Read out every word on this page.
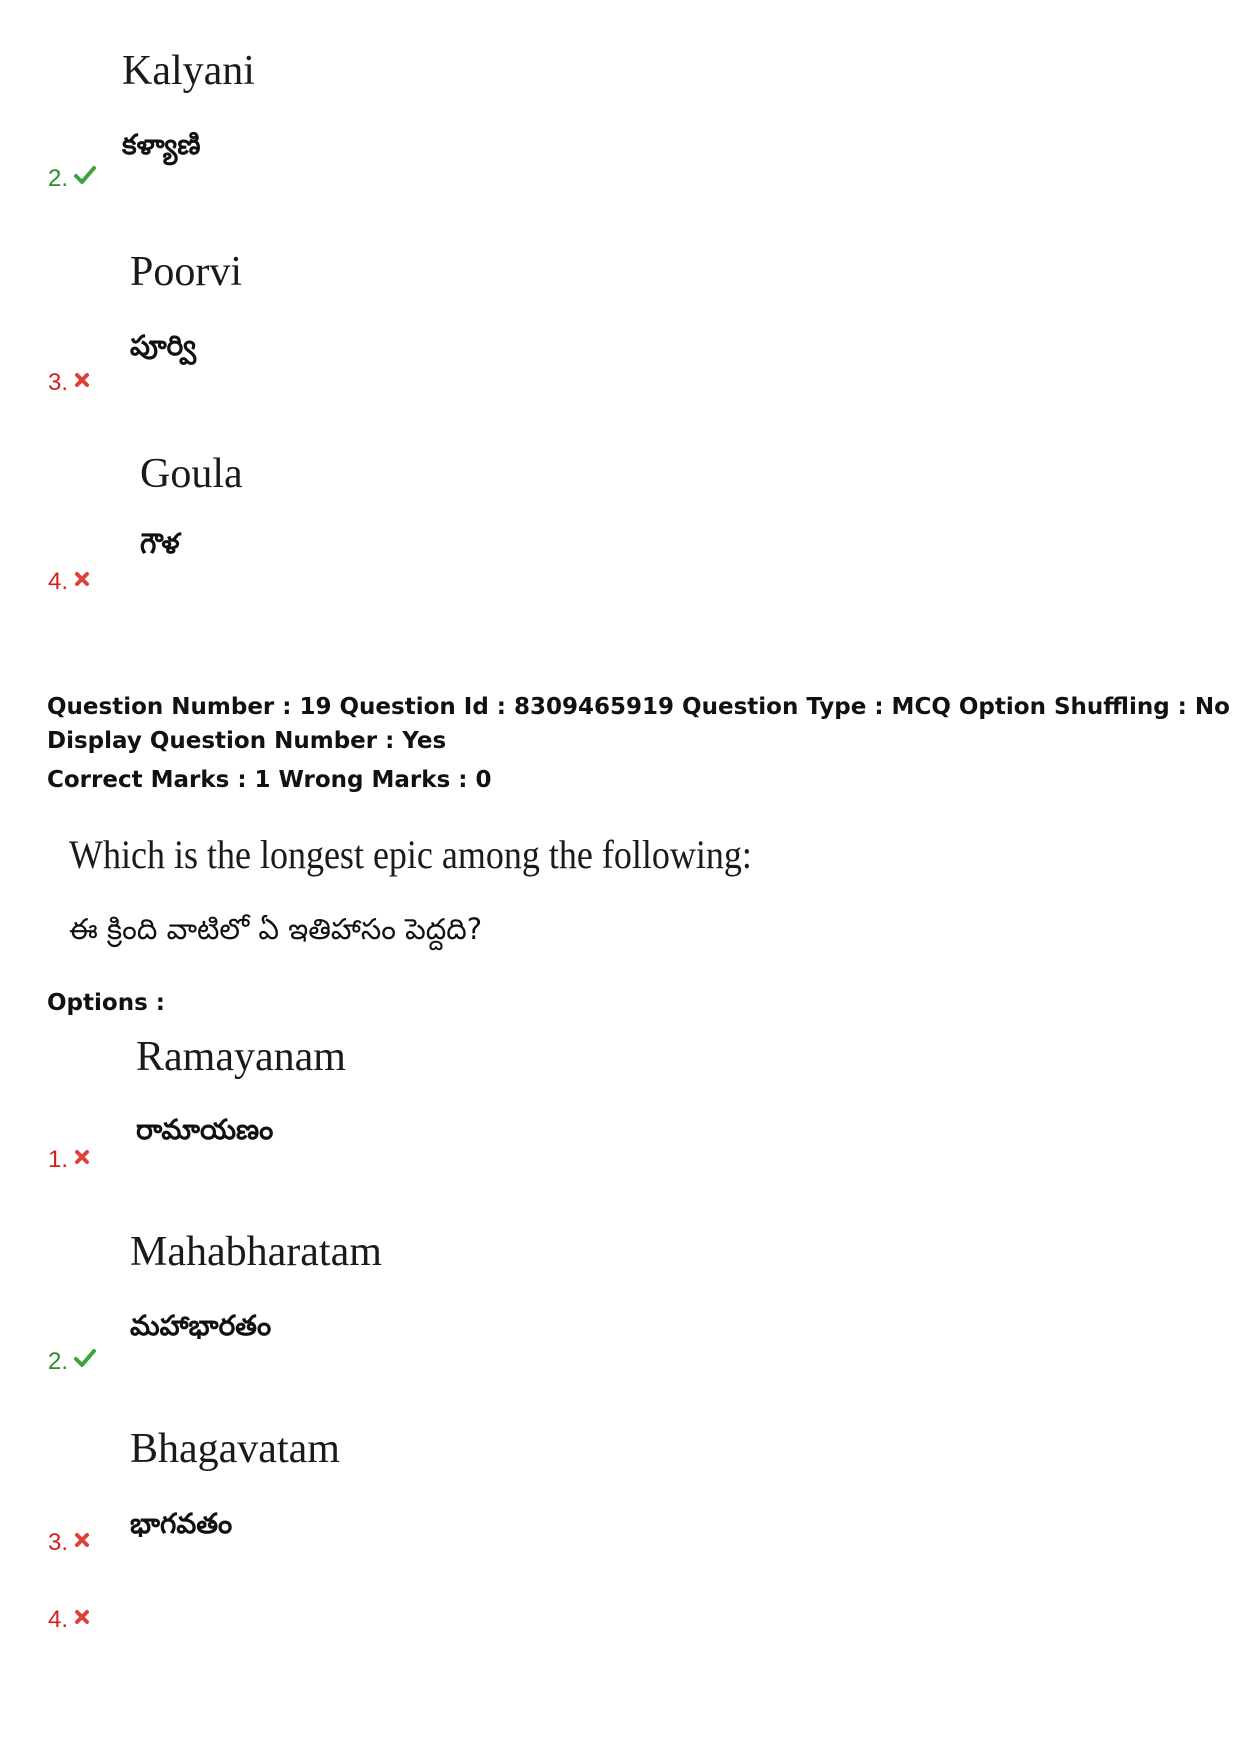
Kalyani
కళ్యాణి
2.
Poorvi
పూర్వి
3.
Goula
గౌళ
4.
Question Number : 19 Question Id : 8309465919 Question Type : MCQ Option Shuffling : No
Display Question Number : Yes
Correct Marks : 1 Wrong Marks : 0
Which is the longest epic among the following:
ఈ క్రింది వాటిలో ఏ ఇతిహాసం పెద్దది?
Options :
Ramayanam
రామాయణం
1.
Mahabharatam
మహాభారతం
2.
Bhagavatam
భాగవతం
3.
4.
